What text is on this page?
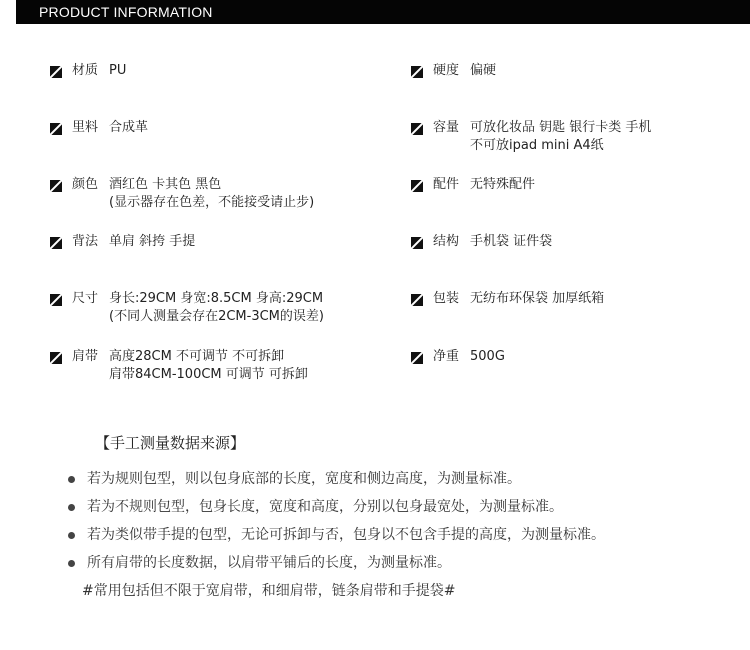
PRODUCT INFORMATION
材质 PU
里料 合成革
颜色 酒红色 卡其色 黑色
(显示器存在色差，不能接受请止步)
背法 单肩 斜挎 手提
尺寸 身长:29CM 身宽:8.5CM 身高:29CM
(不同人测量会存在2CM-3CM的误差)
肩带 高度28CM 不可调节 不可拆卸
肩带84CM-100CM 可调节 可拆卸
硬度 偏硬
容量 可放化妆品 钥匙 银行卡类 手机
不可放ipad mini A4纸
配件 无特殊配件
结构 手机袋 证件袋
包装 无纺布环保袋 加厚纸箱
净重 500G
【手工测量数据来源】
若为规则包型，则以包身底部的长度，宽度和侧边高度，为测量标准。
若为不规则包型，包身长度，宽度和高度，分别以包身最宽处，为测量标准。
若为类似带手提的包型，无论可拆卸与否，包身以不包含手提的高度，为测量标准。
所有肩带的长度数据，以肩带平铺后的长度，为测量标准。
#常用包括但不限于宽肩带，和细肩带，链条肩带和手提袋#
